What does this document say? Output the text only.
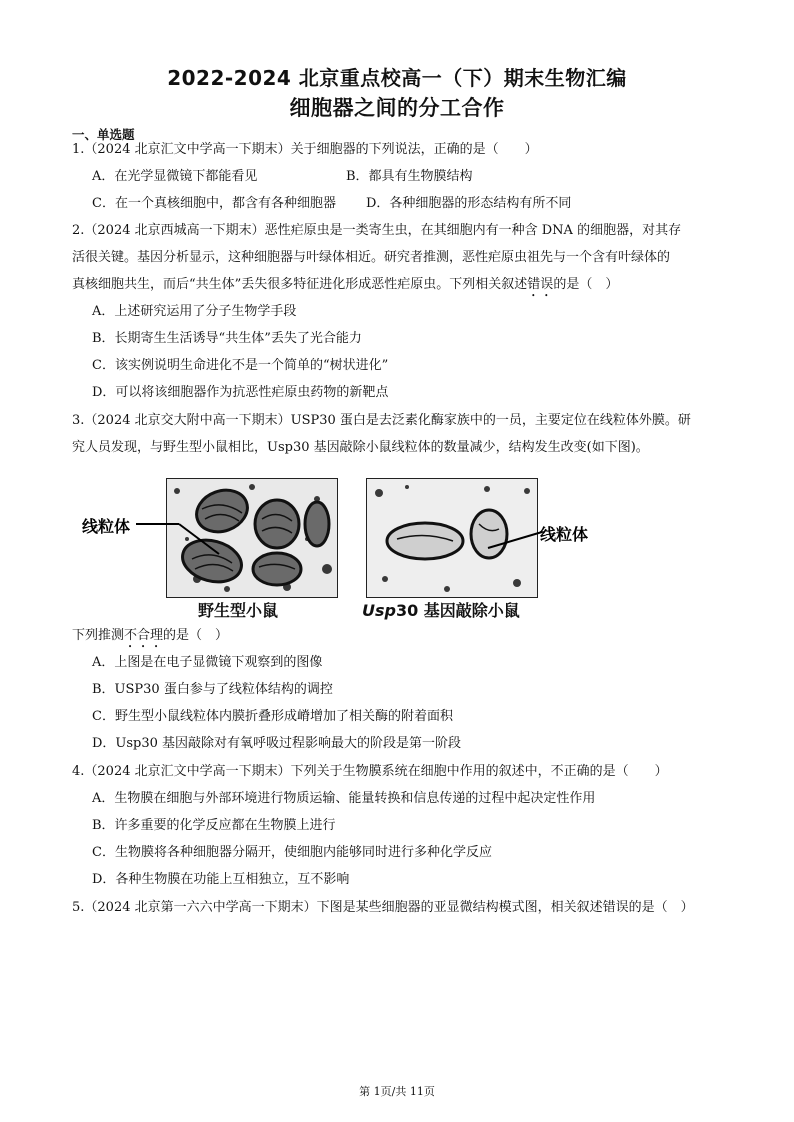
2022-2024 北京重点校高一（下）期末生物汇编
细胞器之间的分工合作
一、单选题
1.（2024 北京汇文中学高一下期末）关于细胞器的下列说法，正确的是（　　）
A．在光学显微镜下都能看见	B．都具有生物膜结构
C．在一个真核细胞中，都含有各种细胞器 D．各种细胞器的形态结构有所不同
2.（2024 北京西城高一下期末）恶性疟原虫是一类寄生虫，在其细胞内有一种含 DNA 的细胞器，对其存
活很关键。基因分析显示，这种细胞器与叶绿体相近。研究者推测，恶性疟原虫祖先与一个含有叶绿体的
真核细胞共生，而后“共生体”丢失很多特征进化形成恶性疟原虫。下列相关叙述错误的是（　）
A．上述研究运用了分子生物学手段
B．长期寄生生活诱导“共生体”丢失了光合能力
C．该实例说明生命进化不是一个简单的“树状进化”
D．可以将该细胞器作为抗恶性疟原虫药物的新靶点
3.（2024 北京交大附中高一下期末）USP30 蛋白是去泛素化酶家族中的一员，主要定位在线粒体外膜。研
究人员发现，与野生型小鼠相比，Usp30 基因敲除小鼠线粒体的数量减少，结构发生改变(如下图)。
线粒体
野生型小鼠
线粒体
Usp30 基因敲除小鼠
下列推测不合理的是（　）
A．上图是在电子显微镜下观察到的图像
B．USP30 蛋白参与了线粒体结构的调控
C．野生型小鼠线粒体内膜折叠形成嵴增加了相关酶的附着面积
D．Usp30 基因敲除对有氧呼吸过程影响最大的阶段是第一阶段
4.（2024 北京汇文中学高一下期末）下列关于生物膜系统在细胞中作用的叙述中，不正确的是（　　）
A．生物膜在细胞与外部环境进行物质运输、能量转换和信息传递的过程中起决定性作用
B．许多重要的化学反应都在生物膜上进行
C．生物膜将各种细胞器分隔开，使细胞内能够同时进行多种化学反应
D．各种生物膜在功能上互相独立，互不影响
5.（2024 北京第一六六中学高一下期末）下图是某些细胞器的亚显微结构模式图，相关叙述错误的是（　）
第 1页/共 11页
